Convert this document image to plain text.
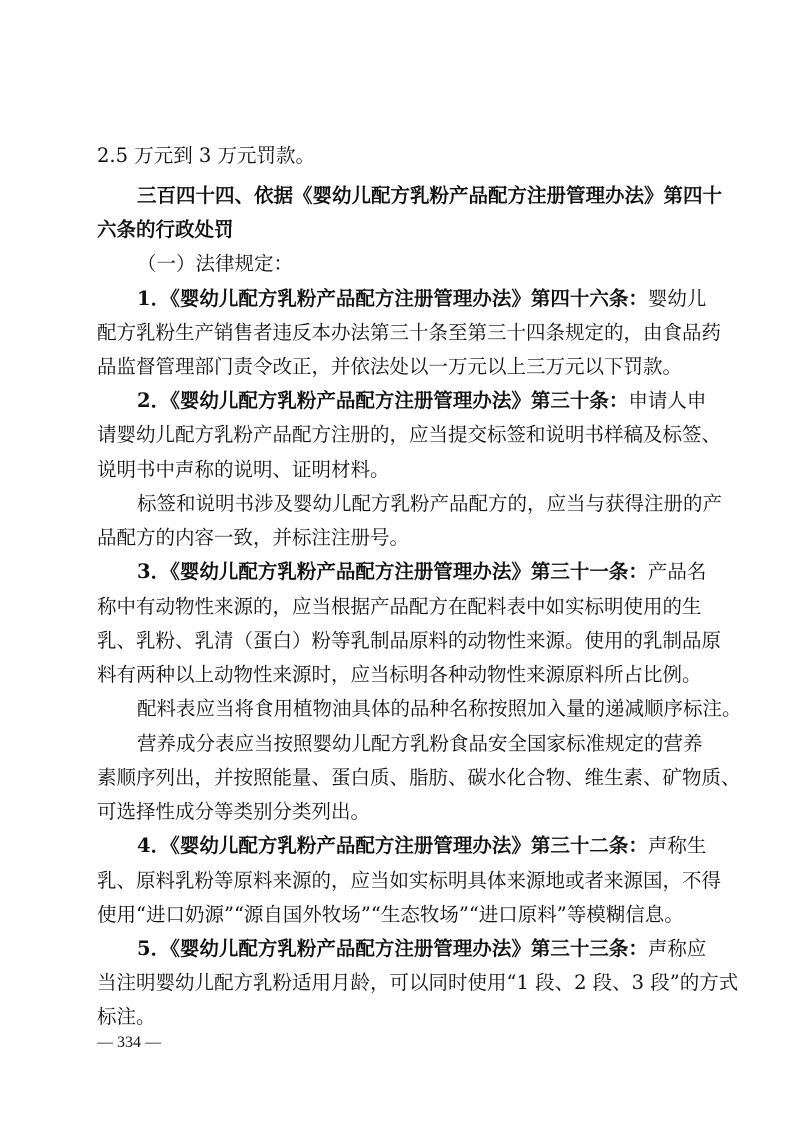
2.5 万元到 3 万元罚款。
三百四十四、依据《婴幼儿配方乳粉产品配方注册管理办法》第四十
六条的行政处罚
（一）法律规定：
1．《婴幼儿配方乳粉产品配方注册管理办法》第四十六条：婴幼儿
配方乳粉生产销售者违反本办法第三十条至第三十四条规定的，由食品药
品监督管理部门责令改正，并依法处以一万元以上三万元以下罚款。
2．《婴幼儿配方乳粉产品配方注册管理办法》第三十条：申请人申
请婴幼儿配方乳粉产品配方注册的，应当提交标签和说明书样稿及标签、
说明书中声称的说明、证明材料。
标签和说明书涉及婴幼儿配方乳粉产品配方的，应当与获得注册的产
品配方的内容一致，并标注注册号。
3．《婴幼儿配方乳粉产品配方注册管理办法》第三十一条：产品名
称中有动物性来源的，应当根据产品配方在配料表中如实标明使用的生
乳、乳粉、乳清（蛋白）粉等乳制品原料的动物性来源。使用的乳制品原
料有两种以上动物性来源时，应当标明各种动物性来源原料所占比例。
配料表应当将食用植物油具体的品种名称按照加入量的递减顺序标注。
营养成分表应当按照婴幼儿配方乳粉食品安全国家标准规定的营养
素顺序列出，并按照能量、蛋白质、脂肪、碳水化合物、维生素、矿物质、
可选择性成分等类别分类列出。
4．《婴幼儿配方乳粉产品配方注册管理办法》第三十二条：声称生
乳、原料乳粉等原料来源的，应当如实标明具体来源地或者来源国，不得
使用“进口奶源”“源自国外牧场”“生态牧场”“进口原料”等模糊信息。
5．《婴幼儿配方乳粉产品配方注册管理办法》第三十三条：声称应
当注明婴幼儿配方乳粉适用月龄，可以同时使用“1 段、2 段、3 段”的方式
标注。
— 334 —
